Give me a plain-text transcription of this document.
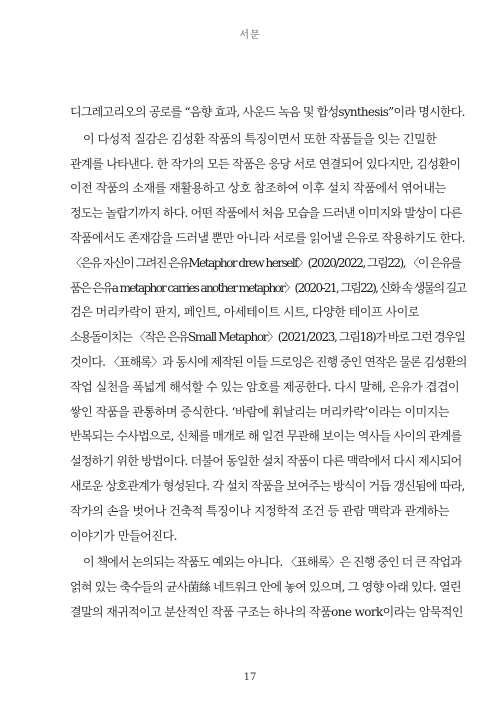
서문
디그레고리오의 공로를 “음향 효과, 사운드 녹음 및 합성synthesis”이라 명시한다.
이 다성적 질감은 김성환 작품의 특징이면서 또한 작품들을 잇는 긴밀한
관계를 나타낸다. 한 작가의 모든 작품은 응당 서로 연결되어 있다지만, 김성환이
이전 작품의 소재를 재활용하고 상호 참조하여 이후 설치 작품에서 엮어내는
정도는 놀랍기까지 하다. 어떤 작품에서 처음 모습을 드러낸 이미지와 발상이 다른
작품에서도 존재감을 드러낼 뿐만 아니라 서로를 읽어낼 은유로 작용하기도 한다.
〈은유 자신이 그려진 은유Metaphor drew herself〉(2020/2022, 그림22), 〈이 은유를
품은 은유a metaphor carries another metaphor〉(2020-21, 그림22), 신화 속 생물의 길고
검은 머리카락이 판지, 페인트, 아세테이트 시트, 다양한 테이프 사이로
소용돌이치는 〈작은 은유Small Metaphor〉(2021/2023, 그림18)가 바로 그런 경우일
것이다. 〈표해록〉과 동시에 제작된 이들 드로잉은 진행 중인 연작은 물론 김성환의
작업 실천을 폭넓게 해석할 수 있는 암호를 제공한다. 다시 말해, 은유가 겹겹이
쌓인 작품을 관통하며 증식한다. ‘바람에 휘날리는 머리카락’이라는 이미지는
반복되는 수사법으로, 신체를 매개로 해 일견 무관해 보이는 역사들 사이의 관계를
설정하기 위한 방법이다. 더불어 동일한 설치 작품이 다른 맥락에서 다시 제시되어
새로운 상호관계가 형성된다. 각 설치 작품을 보여주는 방식이 거듭 갱신됨에 따라,
작가의 손을 벗어나 건축적 특징이나 지정학적 조건 등 관람 맥락과 관계하는
이야기가 만들어진다.
이 책에서 논의되는 작품도 예외는 아니다. 〈표해록〉은 진행 중인 더 큰 작업과
얽혀 있는 축수들의 균사菌絲 네트워크 안에 놓여 있으며, 그 영향 아래 있다. 열린
결말의 재귀적이고 분산적인 작품 구조는 하나의 작품one work이라는 암묵적인
17
